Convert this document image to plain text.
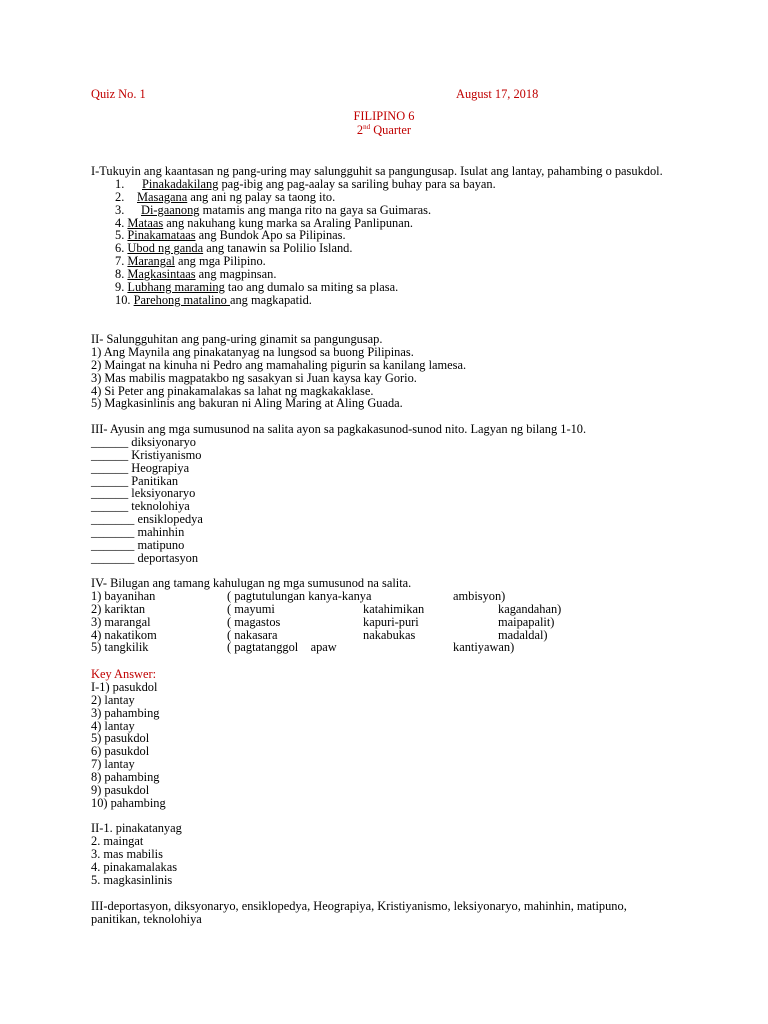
Quiz No. 1	August 17, 2018
FILIPINO 6
2nd Quarter
I-Tukuyin ang kaantasan ng pang-uring may salungguhit sa pangungusap. Isulat ang lantay, pahambing o pasukdol.
1. Pinakadakilang pag-ibig ang pag-aalay sa sariling buhay para sa bayan.
2. Masagana ang ani ng palay sa taong ito.
3. Di-gaanong matamis ang manga rito na gaya sa Guimaras.
4. Mataas ang nakuhang kung marka sa Araling Panlipunan.
5. Pinakamataas ang Bundok Apo sa Pilipinas.
6. Ubod ng ganda ang tanawin sa Polilio Island.
7. Marangal ang mga Pilipino.
8. Magkasintaas ang magpinsan.
9. Lubhang maraming tao ang dumalo sa miting sa plasa.
10. Parehong matalino ang magkapatid.
II- Salungguhitan ang pang-uring ginamit sa pangungusap.
1) Ang Maynila ang pinakatanyag na lungsod sa buong Pilipinas.
2) Maingat na kinuha ni Pedro ang mamahaling pigurin sa kanilang lamesa.
3) Mas mabilis magpatakbo ng sasakyan si Juan kaysa kay Gorio.
4) Si Peter ang pinakamalakas sa lahat ng magkakaklase.
5) Magkasinlinis ang bakuran ni Aling Maring at Aling Guada.
III- Ayusin ang mga sumusunod na salita ayon sa pagkakasunod-sunod nito. Lagyan ng bilang 1-10.
______ diksiyonaryo
______ Kristiyanismo
______ Heograpiya
______ Panitikan
______ leksiyonaryo
______ teknolohiya
_______ ensiklopedya
_______ mahinhin
_______ matipuno
_______ deportasyon
IV- Bilugan ang tamang kahulugan ng mga sumusunod na salita.
1) bayanihan	( pagtutulungan kanya-kanya	ambisyon)
2) kariktan	( mayumi	katahimikan	kagandahan)
3) marangal	( magastos	kapuri-puri	maipapalit)
4) nakatikom	( nakasara	nakabukas	madaldal)
5) tangkilik	( pagtatanggol    apaw	kantiyawan)
Key Answer:
I-1) pasukdol
2) lantay
3) pahambing
4) lantay
5) pasukdol
6) pasukdol
7) lantay
8) pahambing
9) pasukdol
10) pahambing
II-1. pinakatanyag
2. maingat
3. mas mabilis
4. pinakamalakas
5. magkasinlinis
III-deportasyon, diksyonaryo, ensiklopedya, Heograpiya, Kristiyanismo, leksiyonaryo, mahinhin, matipuno, panitikan, teknolohiya
